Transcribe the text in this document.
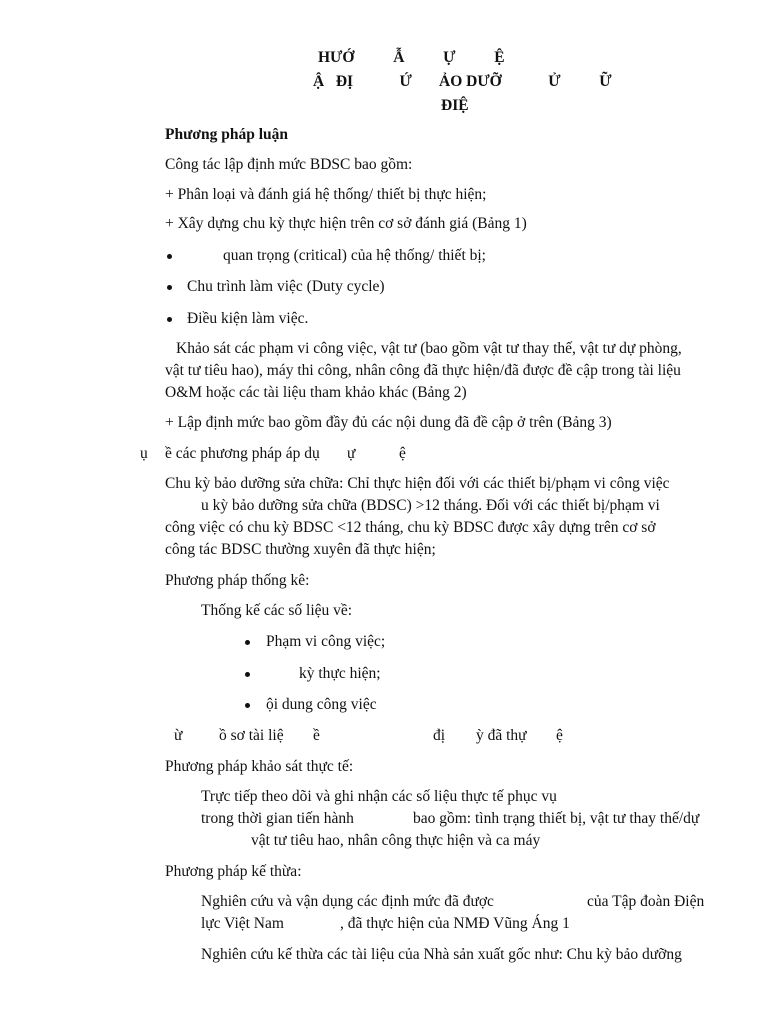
HƯỚ          Ẫ          Ự          Ệ
Ậ   ĐỊ            Ứ       ẢO DƯỠ            Ử          Ữ
ĐIỆ
Phương pháp luận
Công tác lập định mức BDSC bao gồm:
+ Phân loại và đánh giá hệ thống/ thiết bị thực hiện;
+ Xây dựng chu kỳ thực hiện trên cơ sở đánh giá (Bảng 1)
quan trọng (critical) của hệ thống/ thiết bị;
Chu trình làm việc (Duty cycle)
Điều kiện làm việc.
Khảo sát các phạm vi công việc, vật tư (bao gồm vật tư thay thế, vật tư dự phòng,
vật tư tiêu hao), máy thi công, nhân công đã thực hiện/đã được đề cập trong tài liệu
O&M hoặc các tài liệu tham khảo khác (Bảng 2)
+ Lập định mức bao gồm đầy đủ các nội dung đã đề cập ở trên (Bảng 3)
ụ ề các phương pháp áp dụ ự	ệ
Chu kỳ bảo dưỡng sửa chữa: Chỉ thực hiện đối với các thiết bị/phạm vi công việc
u kỳ bảo dưỡng sửa chữa (BDSC) >12 tháng. Đối với các thiết bị/phạm vi
công việc có chu kỳ BDSC <12 tháng, chu kỳ BDSC được xây dựng trên cơ sở
công tác BDSC thường xuyên đã thực hiện;
Phương pháp thống kê:
Thống kế các số liệu về:
Phạm vi công việc;
kỳ thực hiện;
ội dung công việc
ừ ồ sơ tài liệ ề	đị ỳ đã thự ệ
Phương pháp khảo sát thực tế:
Trực tiếp theo dõi và ghi nhận các số liệu thực tế phục vụ
trong thời gian tiến hành	bao gồm: tình trạng thiết bị, vật tư thay thế/dự
vật tư tiêu hao, nhân công thực hiện và ca máy
Phương pháp kế thừa:
Nghiên cứu và vận dụng các định mức đã được	của Tập đoàn Điện
lực Việt Nam	, đã thực hiện của NMĐ Vũng Áng 1
Nghiên cứu kế thừa các tài liệu của Nhà sản xuất gốc như: Chu kỳ bảo dưỡng
